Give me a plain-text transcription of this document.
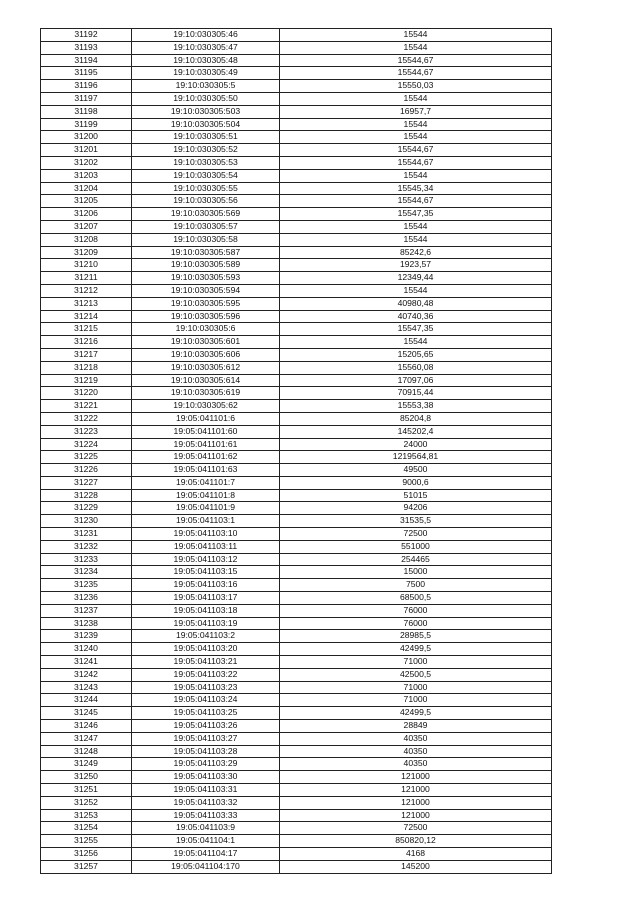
31192	19:10:030305:46	15544
31193	19:10:030305:47	15544
31194	19:10:030305:48	15544,67
31195	19:10:030305:49	15544,67
31196	19:10:030305:5	15550,03
31197	19:10:030305:50	15544
31198	19:10:030305:503	16957,7
31199	19:10:030305:504	15544
31200	19:10:030305:51	15544
31201	19:10:030305:52	15544,67
31202	19:10:030305:53	15544,67
31203	19:10:030305:54	15544
31204	19:10:030305:55	15545,34
31205	19:10:030305:56	15544,67
31206	19:10:030305:569	15547,35
31207	19:10:030305:57	15544
31208	19:10:030305:58	15544
31209	19:10:030305:587	85242,6
31210	19:10:030305:589	1923,57
31211	19:10:030305:593	12349,44
31212	19:10:030305:594	15544
31213	19:10:030305:595	40980,48
31214	19:10:030305:596	40740,36
31215	19:10:030305:6	15547,35
31216	19:10:030305:601	15544
31217	19:10:030305:606	15205,65
31218	19:10:030305:612	15560,08
31219	19:10:030305:614	17097,06
31220	19:10:030305:619	70915,44
31221	19:10:030305:62	15553,38
31222	19:05:041101:6	85204,8
31223	19:05:041101:60	145202,4
31224	19:05:041101:61	24000
31225	19:05:041101:62	1219564,81
31226	19:05:041101:63	49500
31227	19:05:041101:7	9000,6
31228	19:05:041101:8	51015
31229	19:05:041101:9	94206
31230	19:05:041103:1	31535,5
31231	19:05:041103:10	72500
31232	19:05:041103:11	551000
31233	19:05:041103:12	254465
31234	19:05:041103:15	15000
31235	19:05:041103:16	7500
31236	19:05:041103:17	68500,5
31237	19:05:041103:18	76000
31238	19:05:041103:19	76000
31239	19:05:041103:2	28985,5
31240	19:05:041103:20	42499,5
31241	19:05:041103:21	71000
31242	19:05:041103:22	42500,5
31243	19:05:041103:23	71000
31244	19:05:041103:24	71000
31245	19:05:041103:25	42499,5
31246	19:05:041103:26	28849
31247	19:05:041103:27	40350
31248	19:05:041103:28	40350
31249	19:05:041103:29	40350
31250	19:05:041103:30	121000
31251	19:05:041103:31	121000
31252	19:05:041103:32	121000
31253	19:05:041103:33	121000
31254	19:05:041103:9	72500
31255	19:05:041104:1	850820,12
31256	19:05:041104:17	4168
31257	19:05:041104:170	145200
